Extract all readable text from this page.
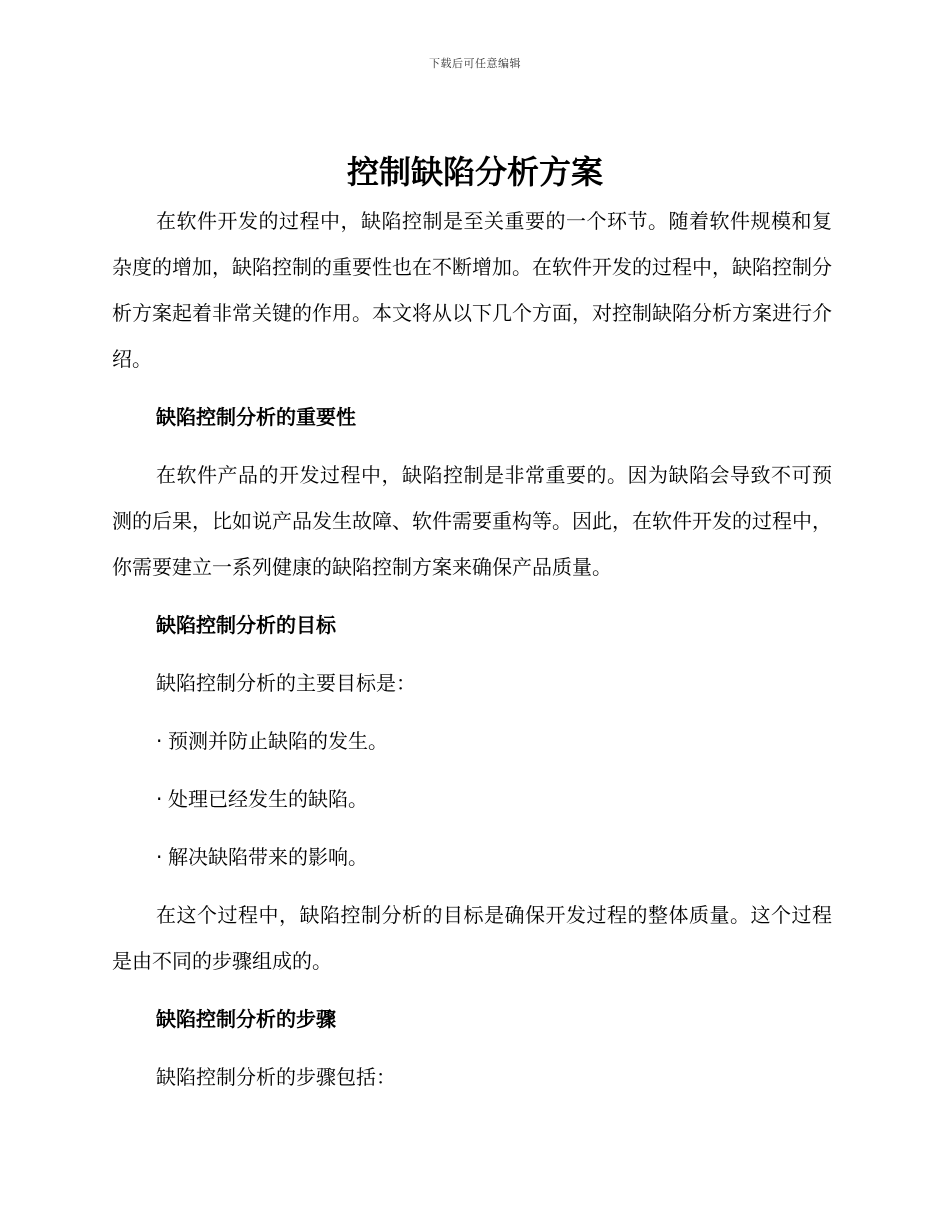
下载后可任意编辑
控制缺陷分析方案

在软件开发的过程中，缺陷控制是至关重要的一个环节。随着软件规模和复杂度的增加，缺陷控制的重要性也在不断增加。在软件开发的过程中，缺陷控制分析方案起着非常关键的作用。本文将从以下几个方面，对控制缺陷分析方案进行介绍。

缺陷控制分析的重要性

在软件产品的开发过程中，缺陷控制是非常重要的。因为缺陷会导致不可预测的后果，比如说产品发生故障、软件需要重构等。因此，在软件开发的过程中，你需要建立一系列健康的缺陷控制方案来确保产品质量。

缺陷控制分析的目标

缺陷控制分析的主要目标是：

· 预测并防止缺陷的发生。

· 处理已经发生的缺陷。

· 解决缺陷带来的影响。

在这个过程中，缺陷控制分析的目标是确保开发过程的整体质量。这个过程是由不同的步骤组成的。

缺陷控制分析的步骤

缺陷控制分析的步骤包括：
